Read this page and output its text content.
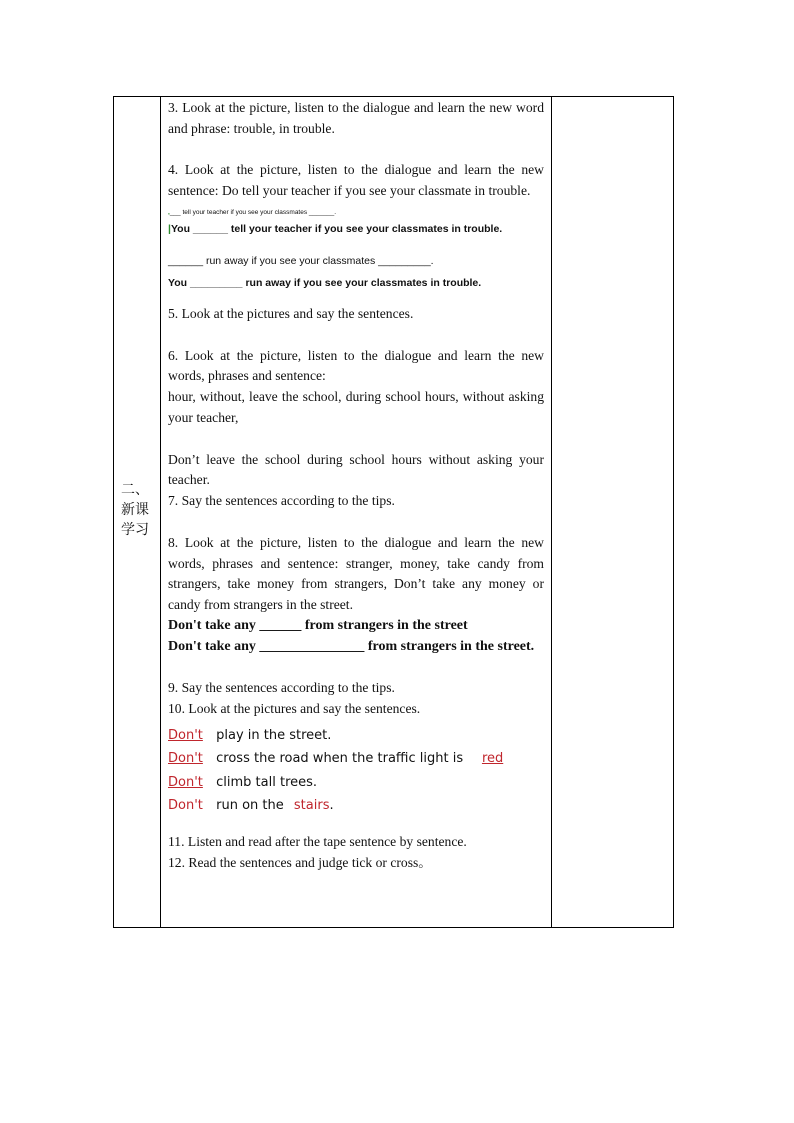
二、
新课
学习

3. Look at the picture, listen to the dialogue and learn the new word and phrase: trouble, in trouble.

4. Look at the picture, listen to the dialogue and learn the new sentence: Do tell your teacher if you see your classmate in trouble.

,___ tell your teacher if you see your classmates _______.
|You ______ tell your teacher if you see your classmates in trouble.
______ run away if you see your classmates _________.
You _________ run away if you see your classmates in trouble.

5. Look at the pictures and say the sentences.

6. Look at the picture, listen to the dialogue and learn the new words, phrases and sentence:

hour, without, leave the school, during school hours, without asking your teacher,

Don’t leave the school during school hours without asking your teacher.

7. Say the sentences according to the tips.

8. Look at the picture, listen to the dialogue and learn the new words, phrases and sentence: stranger, money, take candy from strangers, take money from strangers, Don’t take any money or candy from strangers in the street.

Don't take any ______ from strangers in the street

Don't take any _______________ from strangers in the street.

9. Say the sentences according to the tips.

10. Look at the pictures and say the sentences.

Don't play in the street.
Don't cross the road when the traffic light is red
Don't climb tall trees.
Don't run on the stairs.

11. Listen and read after the tape sentence by sentence.

12. Read the sentences and judge tick or cross。
